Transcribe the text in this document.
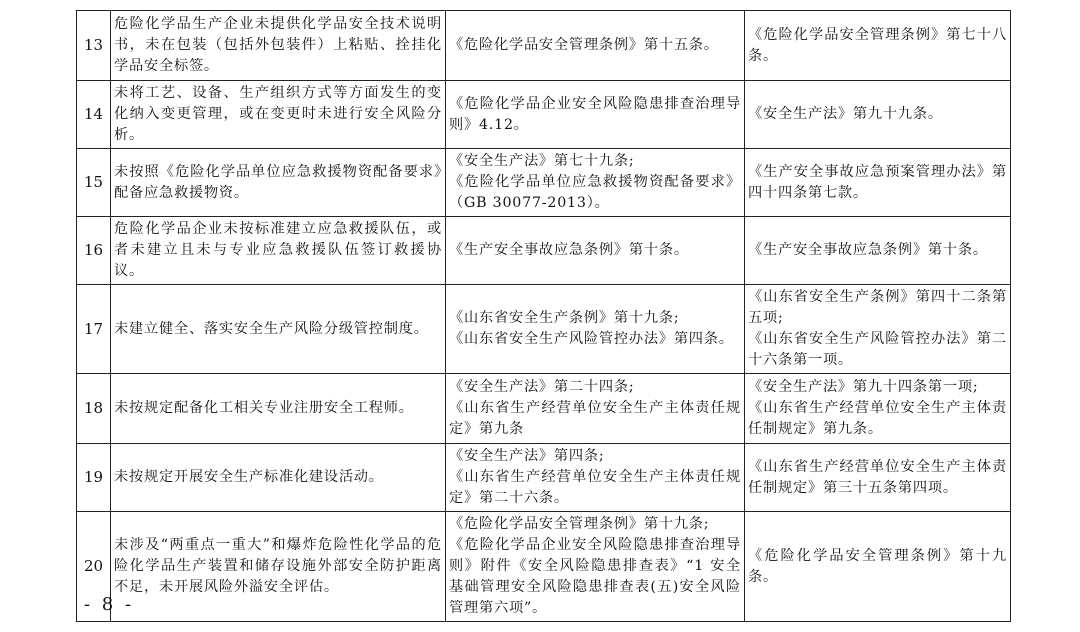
13	危险化学品生产企业未提供化学品安全技术说明书，未在包装（包括外包装件）上粘贴、拴挂化学品安全标签。	《危险化学品安全管理条例》第十五条。	《危险化学品安全管理条例》第七十八条。

14	未将工艺、设备、生产组织方式等方面发生的变化纳入变更管理，或在变更时未进行安全风险分析。	《危险化学品企业安全风险隐患排查治理导则》4.12。	《安全生产法》第九十九条。

15	未按照《危险化学品单位应急救援物资配备要求》配备应急救援物资。	《安全生产法》第七十九条;
《危险化学品单位应急救援物资配备要求》（GB 30077-2013）。	《生产安全事故应急预案管理办法》第四十四条第七款。

16	危险化学品企业未按标准建立应急救援队伍，或者未建立且未与专业应急救援队伍签订救援协议。	《生产安全事故应急条例》第十条。	《生产安全事故应急条例》第十条。

17	未建立健全、落实安全生产风险分级管控制度。	《山东省安全生产条例》第十九条;
《山东省安全生产风险管控办法》第四条。	《山东省安全生产条例》第四十二条第五项;
《山东省安全生产风险管控办法》第二十六条第一项。

18	未按规定配备化工相关专业注册安全工程师。	《安全生产法》第二十四条;
《山东省生产经营单位安全生产主体责任规定》第九条	《安全生产法》第九十四条第一项;
《山东省生产经营单位安全生产主体责任制规定》第九条。

19	未按规定开展安全生产标准化建设活动。	《安全生产法》第四条;
《山东省生产经营单位安全生产主体责任规定》第二十六条。	《山东省生产经营单位安全生产主体责任制规定》第三十五条第四项。

20	未涉及“两重点一重大”和爆炸危险性化学品的危险化学品生产装置和储存设施外部安全防护距离不足，未开展风险外溢安全评估。	《危险化学品安全管理条例》第十九条;
《危险化学品企业安全风险隐患排查治理导则》附件《安全风险隐患排查表》“1 安全基础管理安全风险隐患排查表(五)安全风险管理第六项”。	《危险化学品安全管理条例》第十九条。
- 8 -
